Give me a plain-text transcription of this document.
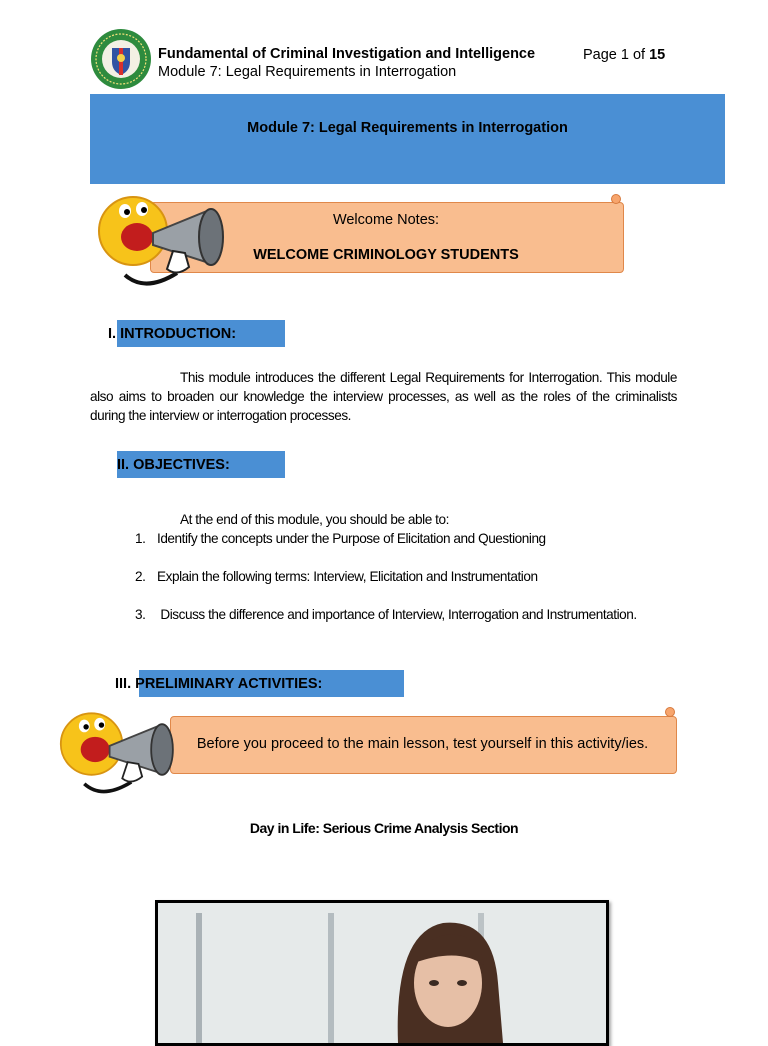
Fundamental of Criminal Investigation and Intelligence
Module 7: Legal Requirements in Interrogation
Page 1 of 15
Module 7: Legal Requirements in Interrogation
Welcome Notes:
WELCOME CRIMINOLOGY STUDENTS
I. INTRODUCTION:
This module introduces the different Legal Requirements for Interrogation. This module also aims to broaden our knowledge the interview processes, as well as the roles of the criminalists during the interview or interrogation processes.
II. OBJECTIVES:
At the end of this module, you should be able to:
1. Identify the concepts under the Purpose of Elicitation and Questioning
2. Explain the following terms: Interview, Elicitation and Instrumentation
3. Discuss the difference and importance of Interview, Interrogation and Instrumentation.
III. PRELIMINARY ACTIVITIES:
Before you proceed to the main lesson, test yourself in this activity/ies.
Day in Life: Serious Crime Analysis Section
